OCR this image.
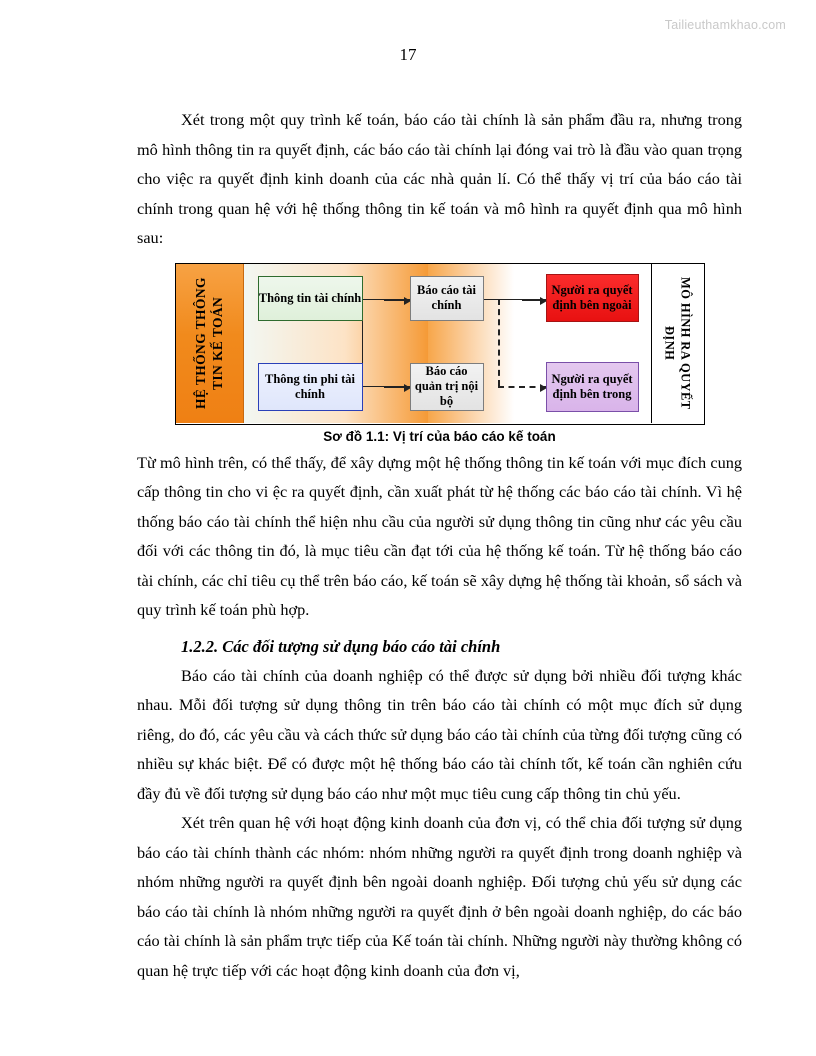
Tailieuthamkhao.com
17

Xét trong một quy trình kế toán, báo cáo tài chính là sản phẩm đầu ra, nhưng trong mô hình thông tin ra quyết định, các báo cáo tài chính lại đóng vai trò là đầu vào quan trọng cho việc ra quyết định kinh doanh của các nhà quản lí. Có thể thấy vị trí của báo cáo tài chính trong quan hệ với hệ thống thông tin kế toán và mô hình ra quyết định qua mô hình sau:

HỆ THỐNG THÔNG TIN KẾ TOÁN	MÔ HÌNH RA QUYẾT ĐỊNH
Thông tin tài chính
Thông tin phi tài chính
Báo cáo tài chính
Báo cáo quản trị nội bộ
Người ra quyết định bên ngoài
Người ra quyết định bên trong
Sơ đồ 1.1: Vị trí của báo cáo kế toán

Từ mô hình trên, có thể thấy, để xây dựng một hệ thống thông tin kế toán với mục đích cung cấp thông tin cho vi ệc ra quyết định, cần xuất phát từ hệ thống các báo cáo tài chính. Vì hệ thống báo cáo tài chính thể hiện nhu cầu của người sử dụng thông tin cũng như các yêu cầu đối với các thông tin đó, là mục tiêu cần đạt tới của hệ thống kế toán. Từ hệ thống báo cáo tài chính, các chỉ tiêu cụ thể trên báo cáo, kế toán sẽ xây dựng hệ thống tài khoản, sổ sách và quy trình kế toán phù hợp.

1.2.2. Các đối tượng sử dụng báo cáo tài chính

Báo cáo tài chính của doanh nghiệp có thể được sử dụng bởi nhiều đối tượng khác nhau. Mỗi đối tượng sử dụng thông tin trên báo cáo tài chính có một mục đích sử dụng riêng, do đó, các yêu cầu và cách thức sử dụng báo cáo tài chính của từng đối tượng cũng có nhiều sự khác biệt. Để có được một hệ thống báo cáo tài chính tốt, kế toán cần nghiên cứu đầy đủ về đối tượng sử dụng báo cáo như một mục tiêu cung cấp thông tin chủ yếu.

Xét trên quan hệ với hoạt động kinh doanh của đơn vị, có thể chia đối tượng sử dụng báo cáo tài chính thành các nhóm: nhóm những người ra quyết định trong doanh nghiệp và nhóm những người ra quyết định bên ngoài doanh nghiệp. Đối tượng chủ yếu sử dụng các báo cáo tài chính là nhóm những người ra quyết định ở bên ngoài doanh nghiệp, do các báo cáo tài chính là sản phẩm trực tiếp của Kế toán tài chính. Những người này thường không có quan hệ trực tiếp với các hoạt động kinh doanh của đơn vị,
